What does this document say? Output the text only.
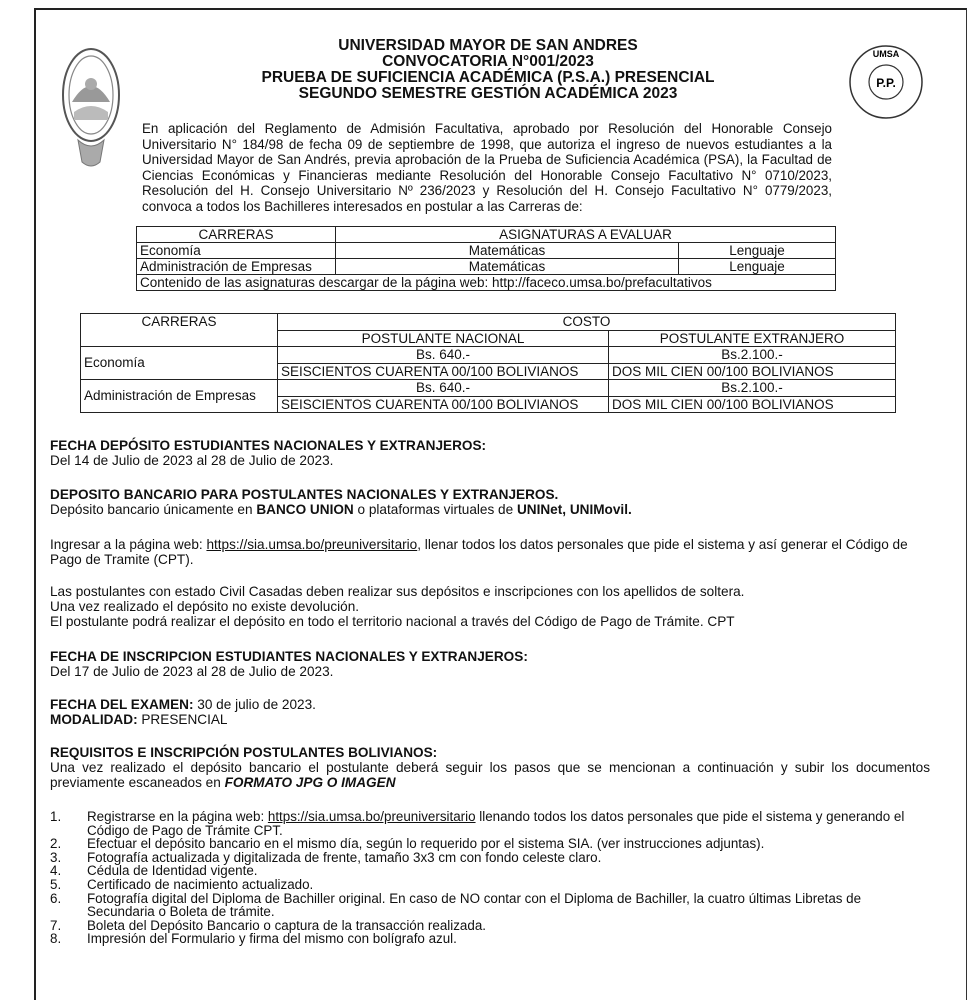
UMSA
P.P.
UNIVERSIDAD MAYOR DE SAN ANDRES
CONVOCATORIA N°001/2023
PRUEBA DE SUFICIENCIA ACADÉMICA (P.S.A.) PRESENCIAL
SEGUNDO SEMESTRE GESTIÓN ACADÉMICA 2023
En aplicación del Reglamento de Admisión Facultativa, aprobado por Resolución del Honorable Consejo Universitario N° 184/98 de fecha 09 de septiembre de 1998, que autoriza el ingreso de nuevos estudiantes a la Universidad Mayor de San Andrés, previa aprobación de la Prueba de Suficiencia Académica (PSA), la Facultad de Ciencias Económicas y Financieras mediante Resolución del Honorable Consejo Facultativo N° 0710/2023, Resolución del H. Consejo Universitario Nº 236/2023 y Resolución del H. Consejo Facultativo N° 0779/2023, convoca a todos los Bachilleres interesados en postular a las Carreras de:
CARRERAS	ASIGNATURAS A EVALUAR	
Economía	Matemáticas	Lenguaje
Administración de Empresas	Matemáticas	Lenguaje
Contenido de las asignaturas descargar de la página web: http://faceco.umsa.bo/prefacultativos		
CARRERAS	COSTO	
	POSTULANTE NACIONAL	POSTULANTE EXTRANJERO
Economía	Bs. 640.-	Bs.2.100.-
	SEISCIENTOS CUARENTA 00/100 BOLIVIANOS	DOS MIL CIEN 00/100 BOLIVIANOS
Administración de Empresas	Bs. 640.-	Bs.2.100.-
	SEISCIENTOS CUARENTA 00/100 BOLIVIANOS	DOS MIL CIEN 00/100 BOLIVIANOS
FECHA DEPÓSITO ESTUDIANTES NACIONALES Y EXTRANJEROS:
Del 14 de Julio de 2023 al 28 de Julio de 2023.
DEPOSITO BANCARIO PARA POSTULANTES NACIONALES Y EXTRANJEROS.
Depósito bancario únicamente en BANCO UNION o plataformas virtuales de UNINet, UNIMovil.
Ingresar a la página web: https://sia.umsa.bo/preuniversitario, llenar todos los datos personales que pide el sistema y así generar el Código de Pago de Tramite (CPT).
Las postulantes con estado Civil Casadas deben realizar sus depósitos e inscripciones con los apellidos de soltera.
Una vez realizado el depósito no existe devolución.
El postulante podrá realizar el depósito en todo el territorio nacional a través del Código de Pago de Trámite. CPT
FECHA DE INSCRIPCION ESTUDIANTES NACIONALES Y EXTRANJEROS:
Del 17 de Julio de 2023 al 28 de Julio de 2023.
FECHA DEL EXAMEN: 30 de julio de 2023.
MODALIDAD: PRESENCIAL
REQUISITOS E INSCRIPCIÓN POSTULANTES BOLIVIANOS:
Una vez realizado el depósito bancario el postulante deberá seguir los pasos que se mencionan a continuación y subir los documentos previamente escaneados en FORMATO JPG O IMAGEN
1. Registrarse en la página web: https://sia.umsa.bo/preuniversitario llenando todos los datos personales que pide el sistema y generando el Código de Pago de Trámite CPT.
2. Efectuar el depósito bancario en el mismo día, según lo requerido por el sistema SIA. (ver instrucciones adjuntas).
3. Fotografía actualizada y digitalizada de frente, tamaño 3x3 cm con fondo celeste claro.
4. Cédula de Identidad vigente.
5. Certificado de nacimiento actualizado.
6. Fotografía digital del Diploma de Bachiller original. En caso de NO contar con el Diploma de Bachiller, la cuatro últimas Libretas de Secundaria o Boleta de trámite.
7. Boleta del Depósito Bancario o captura de la transacción realizada.
8. Impresión del Formulario y firma del mismo con bolígrafo azul.
